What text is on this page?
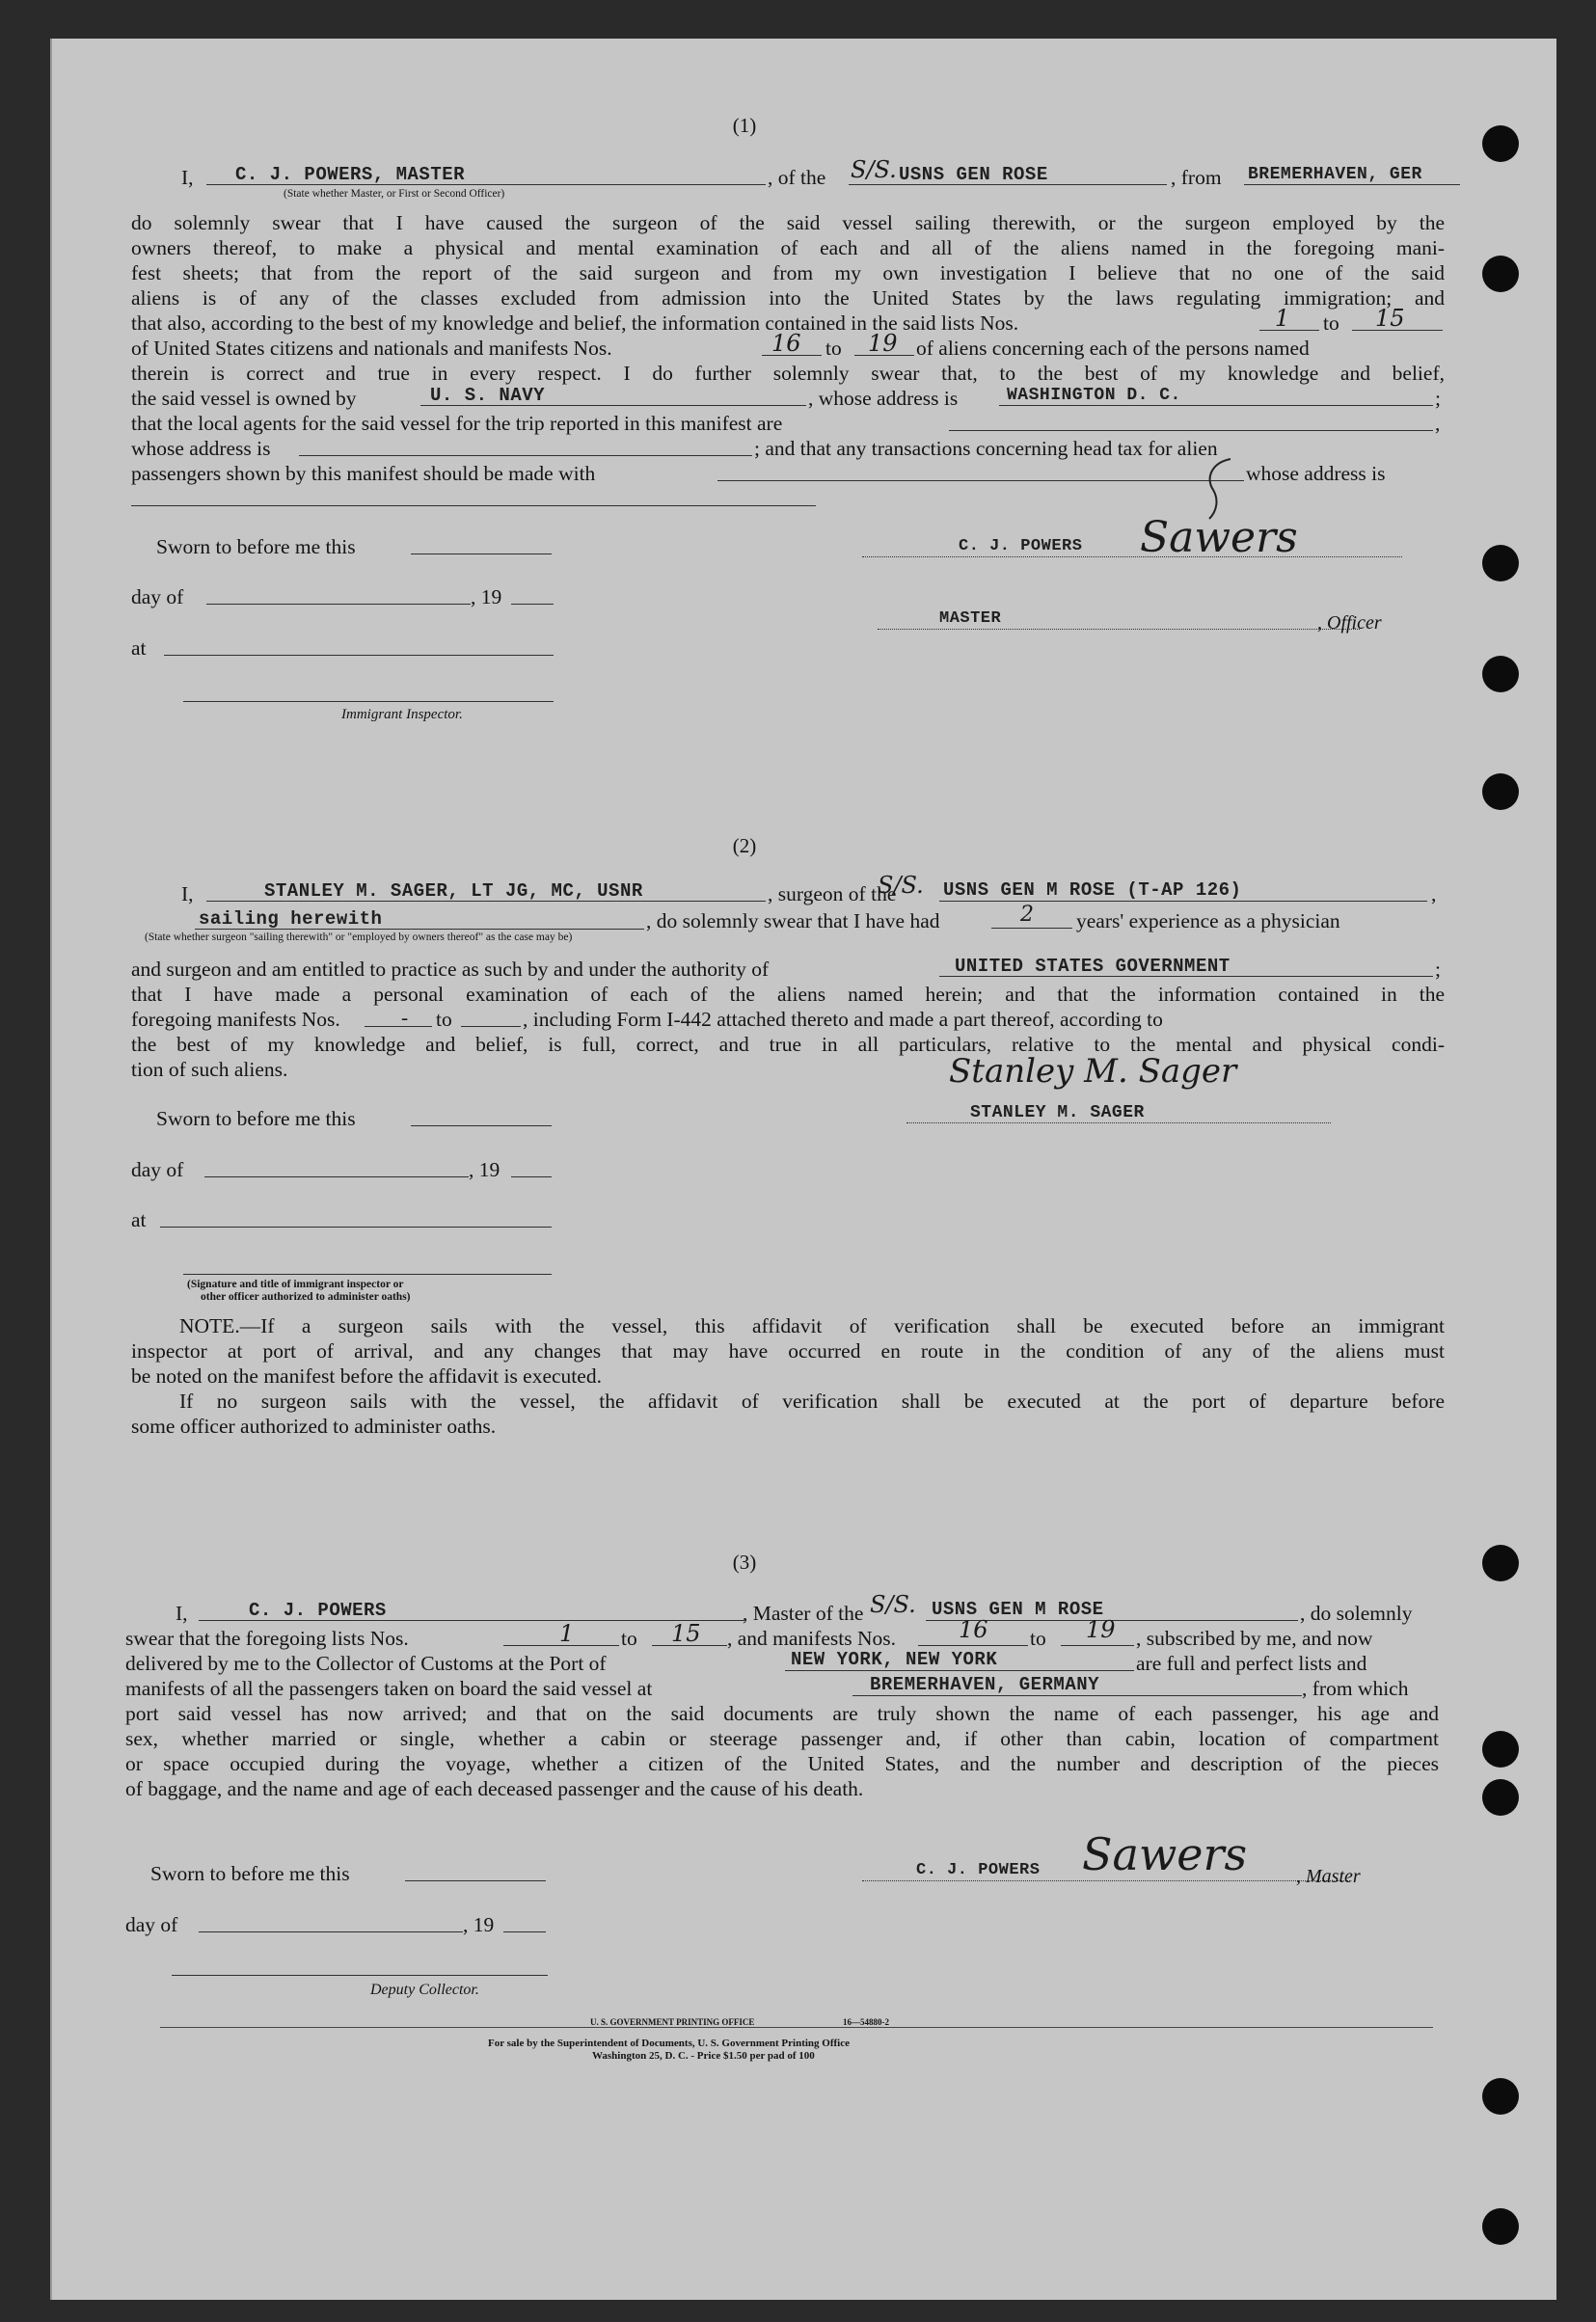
(1)
I, C. J. POWERS, MASTER	, of the S/S. USNS GEN ROSE	, from BREMERHAVEN, GER
(State whether Master, or First or Second Officer)
do solemnly swear that I have caused the surgeon of the said vessel sailing therewith, or the surgeon employed by the
owners thereof, to make a physical and mental examination of each and all of the aliens named in the foregoing mani-
fest sheets; that from the report of the said surgeon and from my own investigation I believe that no one of the said
aliens is of any of the classes excluded from admission into the United States by the laws regulating immigration; and
that also, according to the best of my knowledge and belief, the information contained in the said lists Nos.	1 to 15
of United States citizens and nationals and manifests Nos.	16 to 19 of aliens concerning each of the persons named
therein is correct and true in every respect. I do further solemnly swear that, to the best of my knowledge and belief,
the said vessel is owned by	U. S. NAVY	, whose address is	WASHINGTON D. C.	;
that the local agents for the said vessel for the trip reported in this manifest are	,
whose address is	; and that any transactions concerning head tax for alien
passengers shown by this manifest should be made with	whose address is
Sworn to before me this
day of	, 19
at
Immigrant Inspector.
C. J. POWERS Sawers
MASTER	, Officer
(2)
I,	STANLEY M. SAGER, LT JG, MC, USNR	, surgeon of the
S/S. USNS GEN M ROSE (T-AP 126)	,
sailing herewith	, do solemnly swear that I have had	2 years' experience as a physician
(State whether surgeon "sailing therewith" or "employed by owners thereof" as the case may be)
and surgeon and am entitled to practice as such by and under the authority of	UNITED STATES GOVERNMENT	;
that I have made a personal examination of each of the aliens named herein; and that the information contained in the
foregoing manifests Nos.	- to	, including Form I-442 attached thereto and made a part thereof, according to
the best of my knowledge and belief, is full, correct, and true in all particulars, relative to the mental and physical condi-
tion of such aliens.	Stanley M. Sager
STANLEY M. SAGER
Sworn to before me this
day of	, 19
at
(Signature and title of immigrant inspector or
other officer authorized to administer oaths)
NOTE.—If a surgeon sails with the vessel, this affidavit of verification shall be executed before an immigrant
inspector at port of arrival, and any changes that may have occurred en route in the condition of any of the aliens must
be noted on the manifest before the affidavit is executed.
If no surgeon sails with the vessel, the affidavit of verification shall be executed at the port of departure before
some officer authorized to administer oaths.
(3)
I,	C. J. POWERS	, Master of the S/S. USNS GEN M ROSE	, do solemnly
swear that the foregoing lists Nos.	1 to 15 , and manifests Nos.	16 to 19 , subscribed by me, and now
delivered by me to the Collector of Customs at the Port of	NEW YORK, NEW YORK	are full and perfect lists and
manifests of all the passengers taken on board the said vessel at	BREMERHAVEN, GERMANY	, from which
port said vessel has now arrived; and that on the said documents are truly shown the name of each passenger, his age and
sex, whether married or single, whether a cabin or steerage passenger and, if other than cabin, location of compartment
or space occupied during the voyage, whether a citizen of the United States, and the number and description of the pieces
of baggage, and the name and age of each deceased passenger and the cause of his death.
Sworn to before me this
day of	, 19
Deputy Collector.
C. J. POWERS Sawers	, Master
U. S. GOVERNMENT PRINTING OFFICE	16—54880-2
For sale by the Superintendent of Documents, U. S. Government Printing Office
Washington 25, D. C. - Price $1.50 per pad of 100
